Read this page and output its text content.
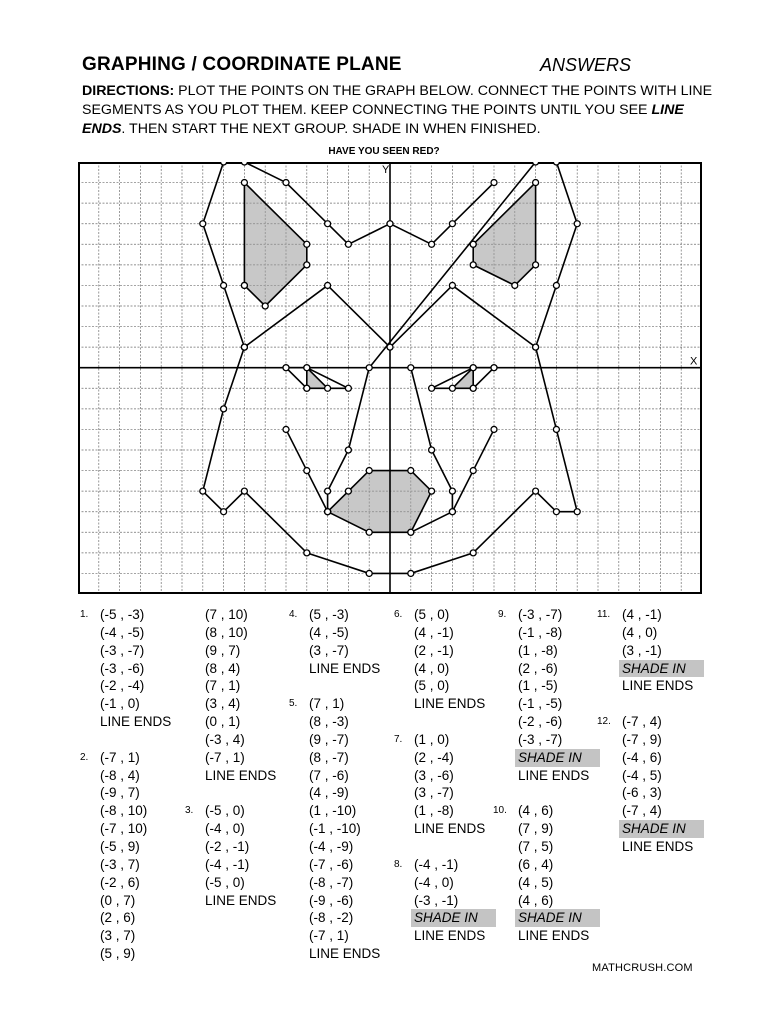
GRAPHING / COORDINATE PLANE	ANSWERS
DIRECTIONS: PLOT THE POINTS ON THE GRAPH BELOW. CONNECT THE POINTS WITH LINE SEGMENTS AS YOU PLOT THEM. KEEP CONNECTING THE POINTS UNTIL YOU SEE LINE ENDS. THEN START THE NEXT GROUP. SHADE IN WHEN FINISHED.
HAVE YOU SEEN RED?
X
Y
1. (-5 , -3)
(-4 , -5)
(-3 , -7)
(-3 , -6)
(-2 , -4)
(-1 , 0)
LINE ENDS
2. (-7 , 1)
(-8 , 4)
(-9 , 7)
(-8 , 10)
(-7 , 10)
(-5 , 9)
(-3 , 7)
(-2 , 6)
(0 , 7)
(2 , 6)
(3 , 7)
(5 , 9)
(7 , 10)
(8 , 10)
(9 , 7)
(8 , 4)
(7 , 1)
(3 , 4)
(0 , 1)
(-3 , 4)
(-7 , 1)
LINE ENDS
3. (-5 , 0)
(-4 , 0)
(-2 , -1)
(-4 , -1)
(-5 , 0)
LINE ENDS
4. (5 , -3)
(4 , -5)
(3 , -7)
LINE ENDS
5. (7 , 1)
(8 , -3)
(9 , -7)
(8 , -7)
(7 , -6)
(4 , -9)
(1 , -10)
(-1 , -10)
(-4 , -9)
(-7 , -6)
(-8 , -7)
(-9 , -6)
(-8 , -2)
(-7 , 1)
LINE ENDS
6. (5 , 0)
(4 , -1)
(2 , -1)
(4 , 0)
(5 , 0)
LINE ENDS
7. (1 , 0)
(2 , -4)
(3 , -6)
(3 , -7)
(1 , -8)
LINE ENDS
8. (-4 , -1)
(-4 , 0)
(-3 , -1)
SHADE IN
LINE ENDS
9. (-3 , -7)
(-1 , -8)
(1 , -8)
(2 , -6)
(1 , -5)
(-1 , -5)
(-2 , -6)
(-3 , -7)
SHADE IN
LINE ENDS
10. (4 , 6)
(7 , 9)
(7 , 5)
(6 , 4)
(4 , 5)
(4 , 6)
SHADE IN
LINE ENDS
11. (4 , -1)
(4 , 0)
(3 , -1)
SHADE IN
LINE ENDS
12. (-7 , 4)
(-7 , 9)
(-4 , 6)
(-4 , 5)
(-6 , 3)
(-7 , 4)
SHADE IN
LINE ENDS
MATHCRUSH.COM
